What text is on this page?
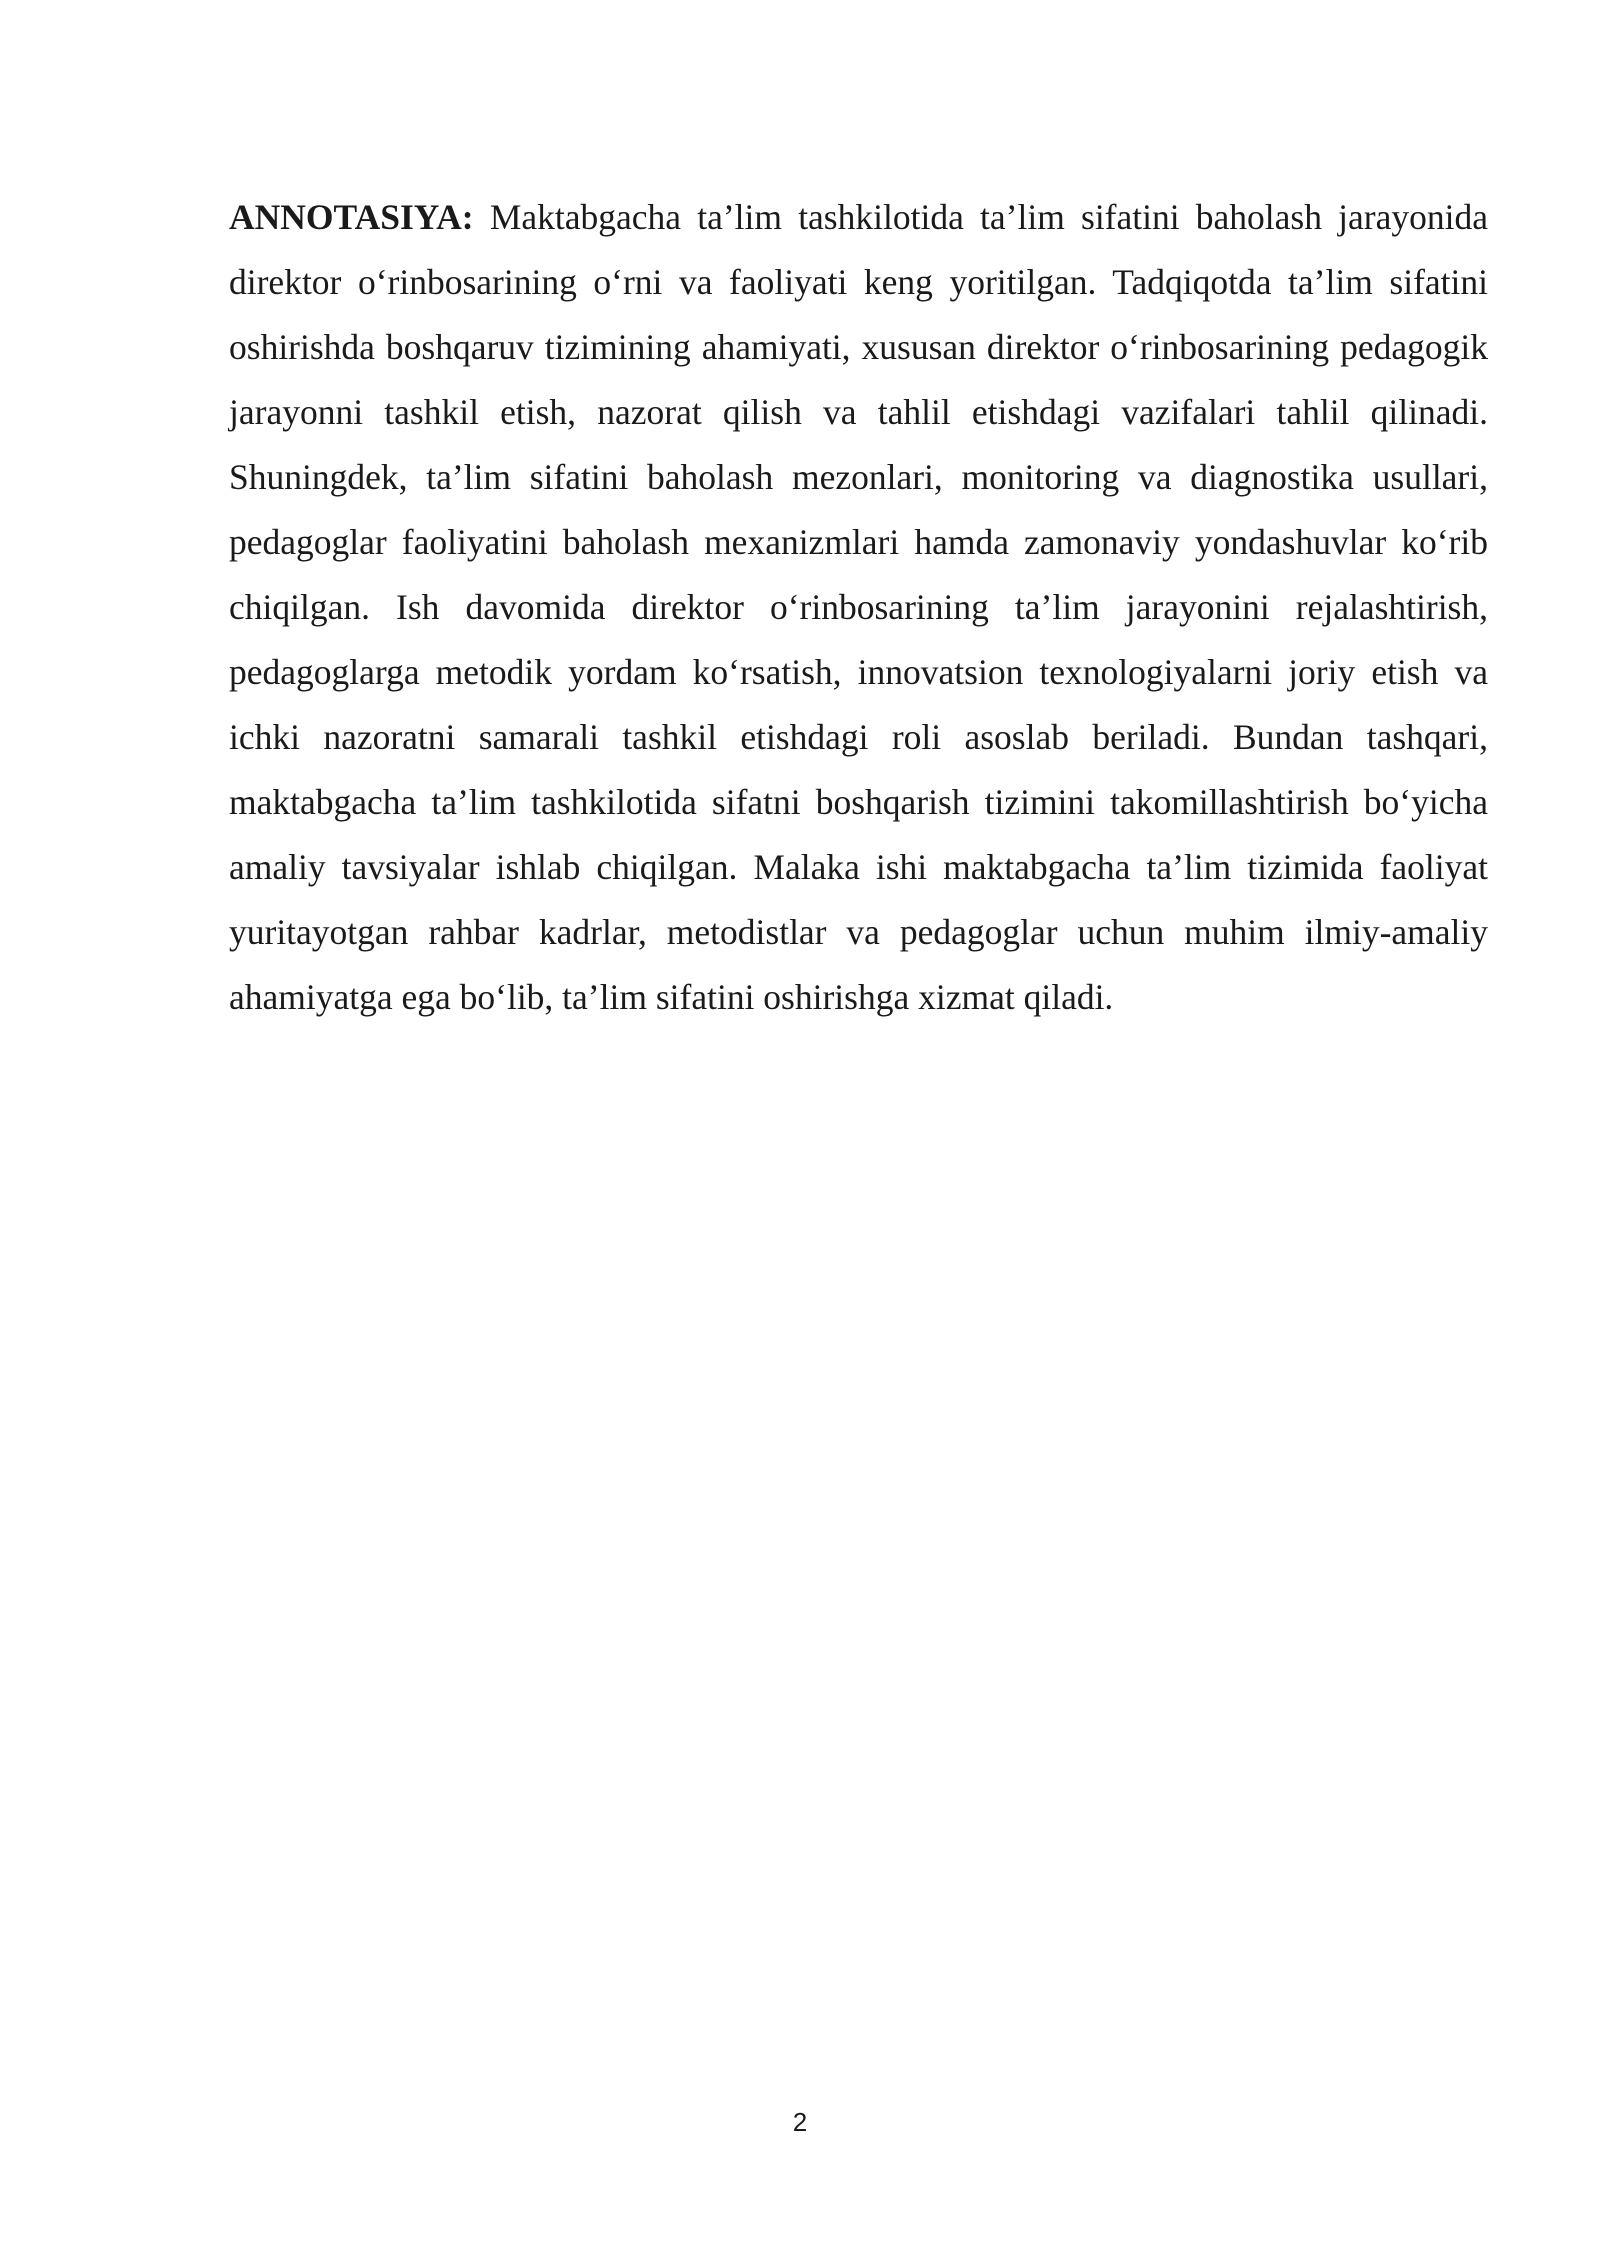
ANNOTASIYA: Maktabgacha ta’lim tashkilotida ta’lim sifatini baholash jarayonida direktor o‘rinbosarining o‘rni va faoliyati keng yoritilgan. Tadqiqotda ta’lim sifatini oshirishda boshqaruv tizimining ahamiyati, xususan direktor o‘rinbosarining pedagogik jarayonni tashkil etish, nazorat qilish va tahlil etishdagi vazifalari tahlil qilinadi. Shuningdek, ta’lim sifatini baholash mezonlari, monitoring va diagnostika usullari, pedagoglar faoliyatini baholash mexanizmlari hamda zamonaviy yondashuvlar ko‘rib chiqilgan. Ish davomida direktor o‘rinbosarining ta’lim jarayonini rejalashtirish, pedagoglarga metodik yordam ko‘rsatish, innovatsion texnologiyalarni joriy etish va ichki nazoratni samarali tashkil etishdagi roli asoslab beriladi. Bundan tashqari, maktabgacha ta’lim tashkilotida sifatni boshqarish tizimini takomillashtirish bo‘yicha amaliy tavsiyalar ishlab chiqilgan. Malaka ishi maktabgacha ta’lim tizimida faoliyat yuritayotgan rahbar kadrlar, metodistlar va pedagoglar uchun muhim ilmiy-amaliy ahamiyatga ega bo‘lib, ta’lim sifatini oshirishga xizmat qiladi.

2
